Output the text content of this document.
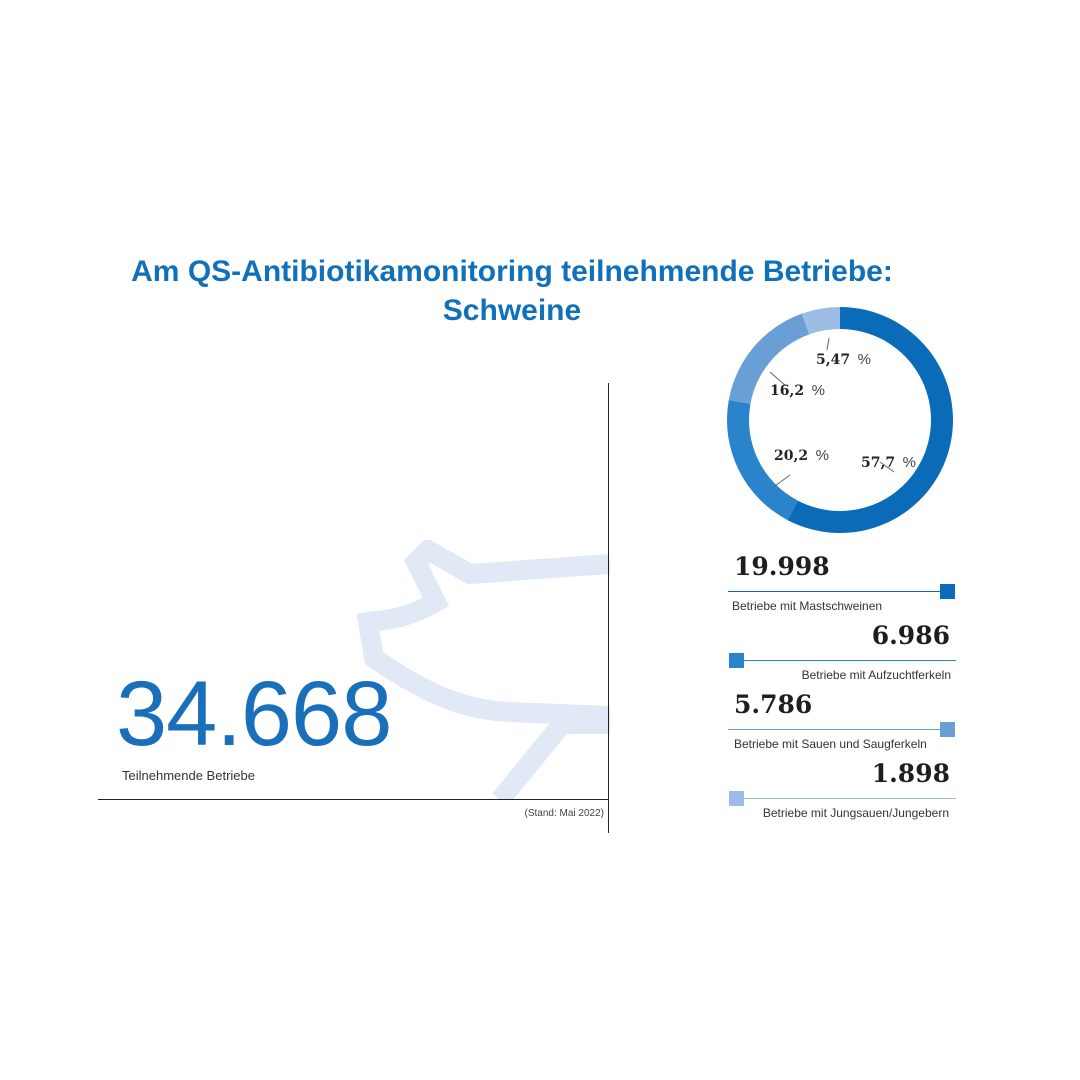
Am QS-Antibiotikamonitoring teilnehmende Betriebe:
Schweine
34.668
Teilnehmende Betriebe
(Stand: Mai 2022)
57,7 %
20,2 %
16,2 %
5,47 %
19.998
Betriebe mit Mastschweinen
6.986
Betriebe mit Aufzuchtferkeln
5.786
Betriebe mit Sauen und Saugferkeln
1.898
Betriebe mit Jungsauen/Jungebern
